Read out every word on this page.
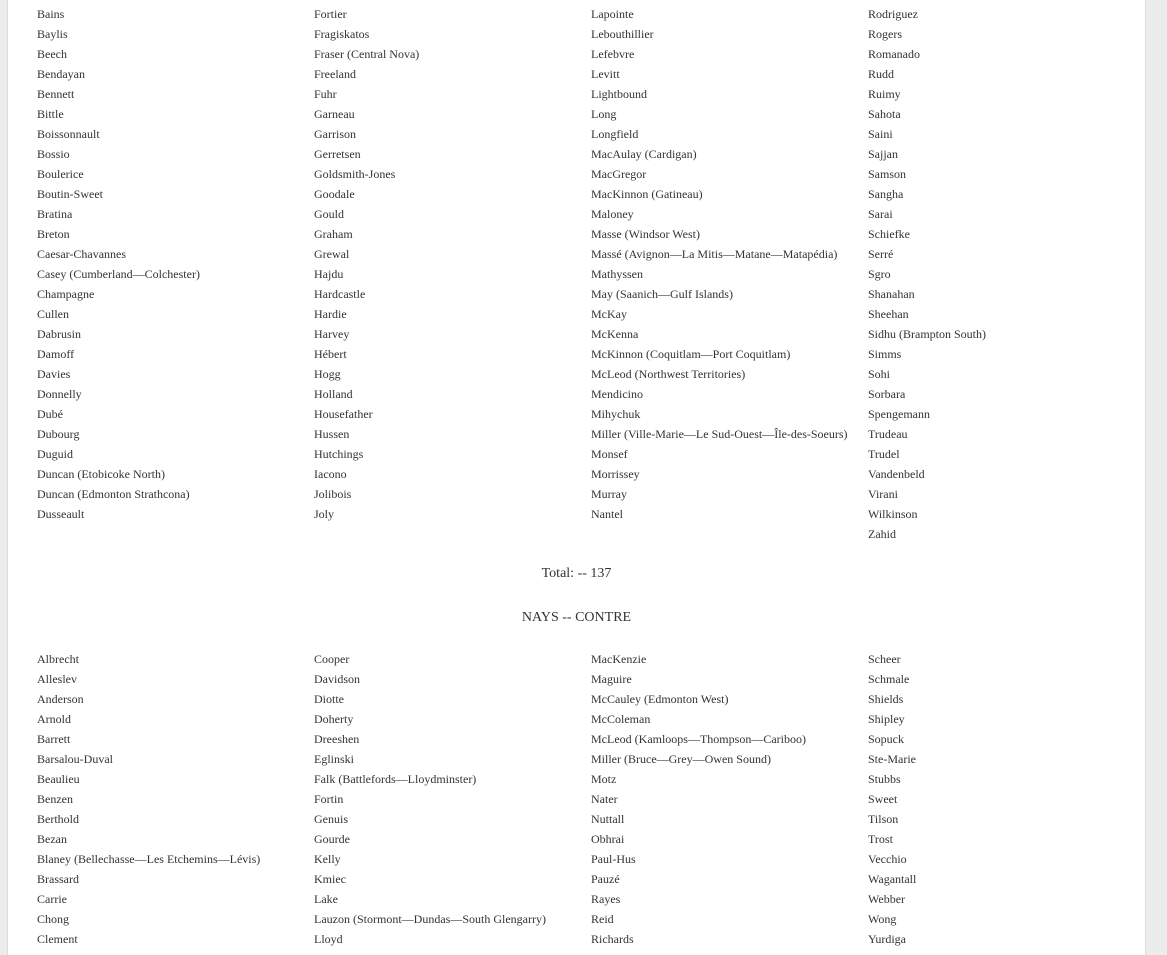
Bains
Baylis
Beech
Bendayan
Bennett
Bittle
Boissonnault
Bossio
Boulerice
Boutin-Sweet
Bratina
Breton
Caesar-Chavannes
Casey (Cumberland—Colchester)
Champagne
Cullen
Dabrusin
Damoff
Davies
Donnelly
Dubé
Dubourg
Duguid
Duncan (Etobicoke North)
Duncan (Edmonton Strathcona)
Dusseault
Fortier
Fragiskatos
Fraser (Central Nova)
Freeland
Fuhr
Garneau
Garrison
Gerretsen
Goldsmith-Jones
Goodale
Gould
Graham
Grewal
Hajdu
Hardcastle
Hardie
Harvey
Hébert
Hogg
Holland
Housefather
Hussen
Hutchings
Iacono
Jolibois
Joly
Lapointe
Lebouthillier
Lefebvre
Levitt
Lightbound
Long
Longfield
MacAulay (Cardigan)
MacGregor
MacKinnon (Gatineau)
Maloney
Masse (Windsor West)
Massé (Avignon—La Mitis—Matane—Matapédia)
Mathyssen
May (Saanich—Gulf Islands)
McKay
McKenna
McKinnon (Coquitlam—Port Coquitlam)
McLeod (Northwest Territories)
Mendicino
Mihychuk
Miller (Ville-Marie—Le Sud-Ouest—Île-des-Soeurs)
Monsef
Morrissey
Murray
Nantel
Rodriguez
Rogers
Romanado
Rudd
Ruimy
Sahota
Saini
Sajjan
Samson
Sangha
Sarai
Schiefke
Serré
Sgro
Shanahan
Sheehan
Sidhu (Brampton South)
Simms
Sohi
Sorbara
Spengemann
Trudeau
Trudel
Vandenbeld
Virani
Wilkinson
Zahid
Total: -- 137
NAYS -- CONTRE
Albrecht
Alleslev
Anderson
Arnold
Barrett
Barsalou-Duval
Beaulieu
Benzen
Berthold
Bezan
Blaney (Bellechasse—Les Etchemins—Lévis)
Brassard
Carrie
Chong
Clement
Cooper
Davidson
Diotte
Doherty
Dreeshen
Eglinski
Falk (Battlefords—Lloydminster)
Fortin
Genuis
Gourde
Kelly
Kmiec
Lake
Lauzon (Stormont—Dundas—South Glengarry)
Lloyd
MacKenzie
Maguire
McCauley (Edmonton West)
McColeman
McLeod (Kamloops—Thompson—Cariboo)
Miller (Bruce—Grey—Owen Sound)
Motz
Nater
Nuttall
Obhrai
Paul-Hus
Pauzé
Rayes
Reid
Richards
Scheer
Schmale
Shields
Shipley
Sopuck
Ste-Marie
Stubbs
Sweet
Tilson
Trost
Vecchio
Wagantall
Webber
Wong
Yurdiga
